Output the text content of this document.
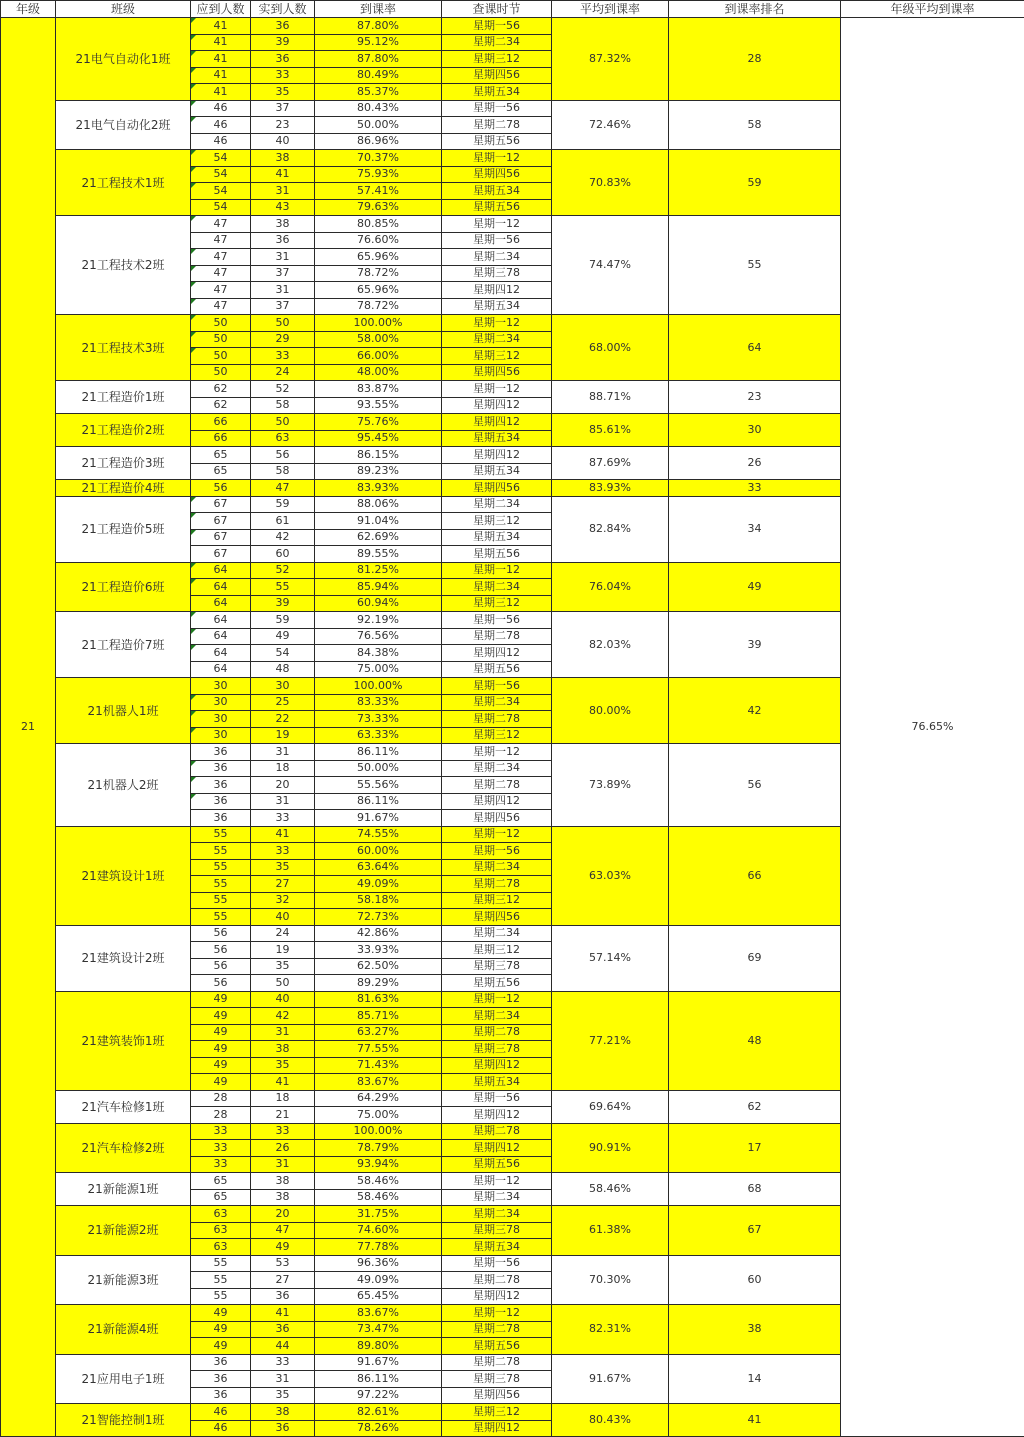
年级	班级	应到人数	实到人数	到课率	查课时节	平均到课率	到课率排名	年级平均到课率
21	21电气自动化1班	41	36	87.80%	星期一56	87.32%	28	76.65%
		41	39	95.12%	星期二34			
		41	36	87.80%	星期三12			
		41	33	80.49%	星期四56			
		41	35	85.37%	星期五34			
	21电气自动化2班	46	37	80.43%	星期一56	72.46%	58	
		46	23	50.00%	星期二78			
		46	40	86.96%	星期五56			
	21工程技术1班	54	38	70.37%	星期一12	70.83%	59	
		54	41	75.93%	星期四56			
		54	31	57.41%	星期五34			
		54	43	79.63%	星期五56			
	21工程技术2班	47	38	80.85%	星期一12	74.47%	55	
		47	36	76.60%	星期一56			
		47	31	65.96%	星期二34			
		47	37	78.72%	星期三78			
		47	31	65.96%	星期四12			
		47	37	78.72%	星期五34			
	21工程技术3班	50	50	100.00%	星期一12	68.00%	64	
		50	29	58.00%	星期二34			
		50	33	66.00%	星期三12			
		50	24	48.00%	星期四56			
	21工程造价1班	62	52	83.87%	星期一12	88.71%	23	
		62	58	93.55%	星期四12			
	21工程造价2班	66	50	75.76%	星期四12	85.61%	30	
		66	63	95.45%	星期五34			
	21工程造价3班	65	56	86.15%	星期四12	87.69%	26	
		65	58	89.23%	星期五34			
	21工程造价4班	56	47	83.93%	星期四56	83.93%	33	
	21工程造价5班	67	59	88.06%	星期二34	82.84%	34	
		67	61	91.04%	星期三12			
		67	42	62.69%	星期五34			
		67	60	89.55%	星期五56			
	21工程造价6班	64	52	81.25%	星期一12	76.04%	49	
		64	55	85.94%	星期二34			
		64	39	60.94%	星期三12			
	21工程造价7班	64	59	92.19%	星期一56	82.03%	39	
		64	49	76.56%	星期二78			
		64	54	84.38%	星期四12			
		64	48	75.00%	星期五56			
	21机器人1班	30	30	100.00%	星期一56	80.00%	42	
		30	25	83.33%	星期二34			
		30	22	73.33%	星期二78			
		30	19	63.33%	星期三12			
	21机器人2班	36	31	86.11%	星期一12	73.89%	56	
		36	18	50.00%	星期二34			
		36	20	55.56%	星期二78			
		36	31	86.11%	星期四12			
		36	33	91.67%	星期四56			
	21建筑设计1班	55	41	74.55%	星期一12	63.03%	66	
		55	33	60.00%	星期一56			
		55	35	63.64%	星期二34			
		55	27	49.09%	星期二78			
		55	32	58.18%	星期三12			
		55	40	72.73%	星期四56			
	21建筑设计2班	56	24	42.86%	星期二34	57.14%	69	
		56	19	33.93%	星期三12			
		56	35	62.50%	星期三78			
		56	50	89.29%	星期五56			
	21建筑装饰1班	49	40	81.63%	星期一12	77.21%	48	
		49	42	85.71%	星期二34			
		49	31	63.27%	星期二78			
		49	38	77.55%	星期三78			
		49	35	71.43%	星期四12			
		49	41	83.67%	星期五34			
	21汽车检修1班	28	18	64.29%	星期一56	69.64%	62	
		28	21	75.00%	星期四12			
	21汽车检修2班	33	33	100.00%	星期二78	90.91%	17	
		33	26	78.79%	星期四12			
		33	31	93.94%	星期五56			
	21新能源1班	65	38	58.46%	星期一12	58.46%	68	
		65	38	58.46%	星期二34			
	21新能源2班	63	20	31.75%	星期二34	61.38%	67	
		63	47	74.60%	星期三78			
		63	49	77.78%	星期五34			
	21新能源3班	55	53	96.36%	星期一56	70.30%	60	
		55	27	49.09%	星期二78			
		55	36	65.45%	星期四12			
	21新能源4班	49	41	83.67%	星期一12	82.31%	38	
		49	36	73.47%	星期二78			
		49	44	89.80%	星期五56			
	21应用电子1班	36	33	91.67%	星期二78	91.67%	14	
		36	31	86.11%	星期三78			
		36	35	97.22%	星期四56			
	21智能控制1班	46	38	82.61%	星期三12	80.43%	41	
		46	36	78.26%	星期四12			
